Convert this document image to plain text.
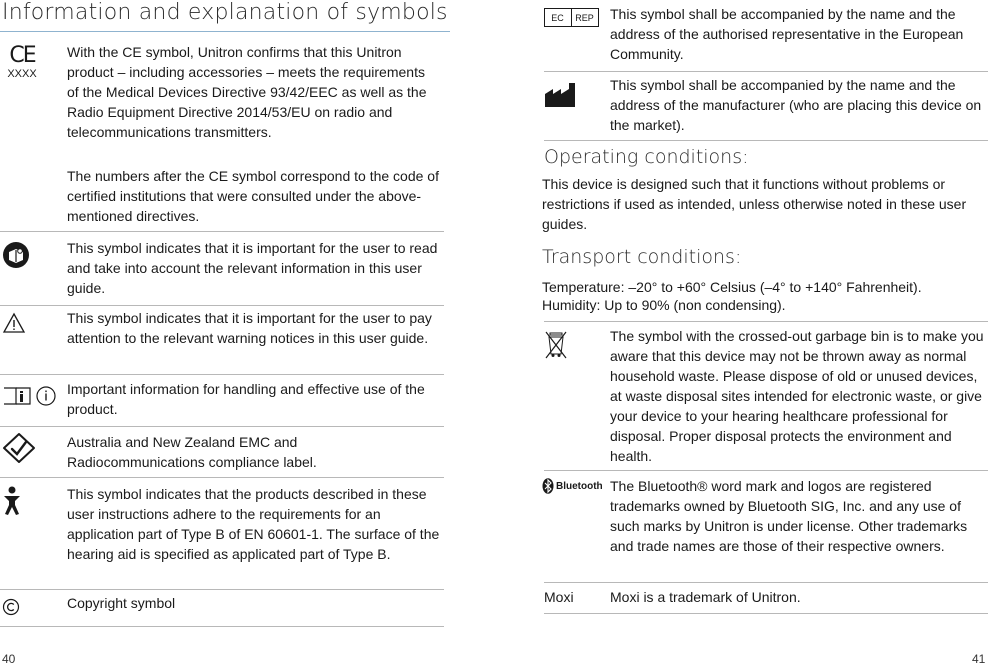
Information and explanation of symbols
CE
XXXX
With the CE symbol, Unitron confirms that this Unitron product – including accessories – meets the requirements of the Medical Devices Directive 93/42/EEC as well as the Radio Equipment Directive 2014/53/EU on radio and telecommunications transmitters.
The numbers after the CE symbol correspond to the code of certified institutions that were consulted under the above-mentioned directives.
This symbol indicates that it is important for the user to read and take into account the relevant information in this user guide.
This symbol indicates that it is important for the user to pay attention to the relevant warning notices in this user guide.
Important information for handling and effective use of the product.
Australia and New Zealand EMC and Radiocommunications compliance label.
This symbol indicates that the products described in these user instructions adhere to the requirements for an application part of Type B of EN 60601-1. The surface of the hearing aid is specified as applicated part of Type B.
Copyright symbol
40
EC	REP This symbol shall be accompanied by the name and the address of the authorised representative in the European Community.
This symbol shall be accompanied by the name and the address of the manufacturer (who are placing this device on the market).
Operating conditions:
This device is designed such that it functions without problems or restrictions if used as intended, unless otherwise noted in these user guides.
Transport conditions:
Temperature: –20° to +60° Celsius (–4° to +140° Fahrenheit).
Humidity: Up to 90% (non condensing).
The symbol with the crossed-out garbage bin is to make you aware that this device may not be thrown away as normal household waste. Please dispose of old or unused devices, at waste disposal sites intended for electronic waste, or give your device to your hearing healthcare professional for disposal. Proper disposal protects the environment and health.
Bluetooth The Bluetooth® word mark and logos are registered trademarks owned by Bluetooth SIG, Inc. and any use of such marks by Unitron is under license. Other trademarks and trade names are those of their respective owners.
Moxi	Moxi is a trademark of Unitron.
41
